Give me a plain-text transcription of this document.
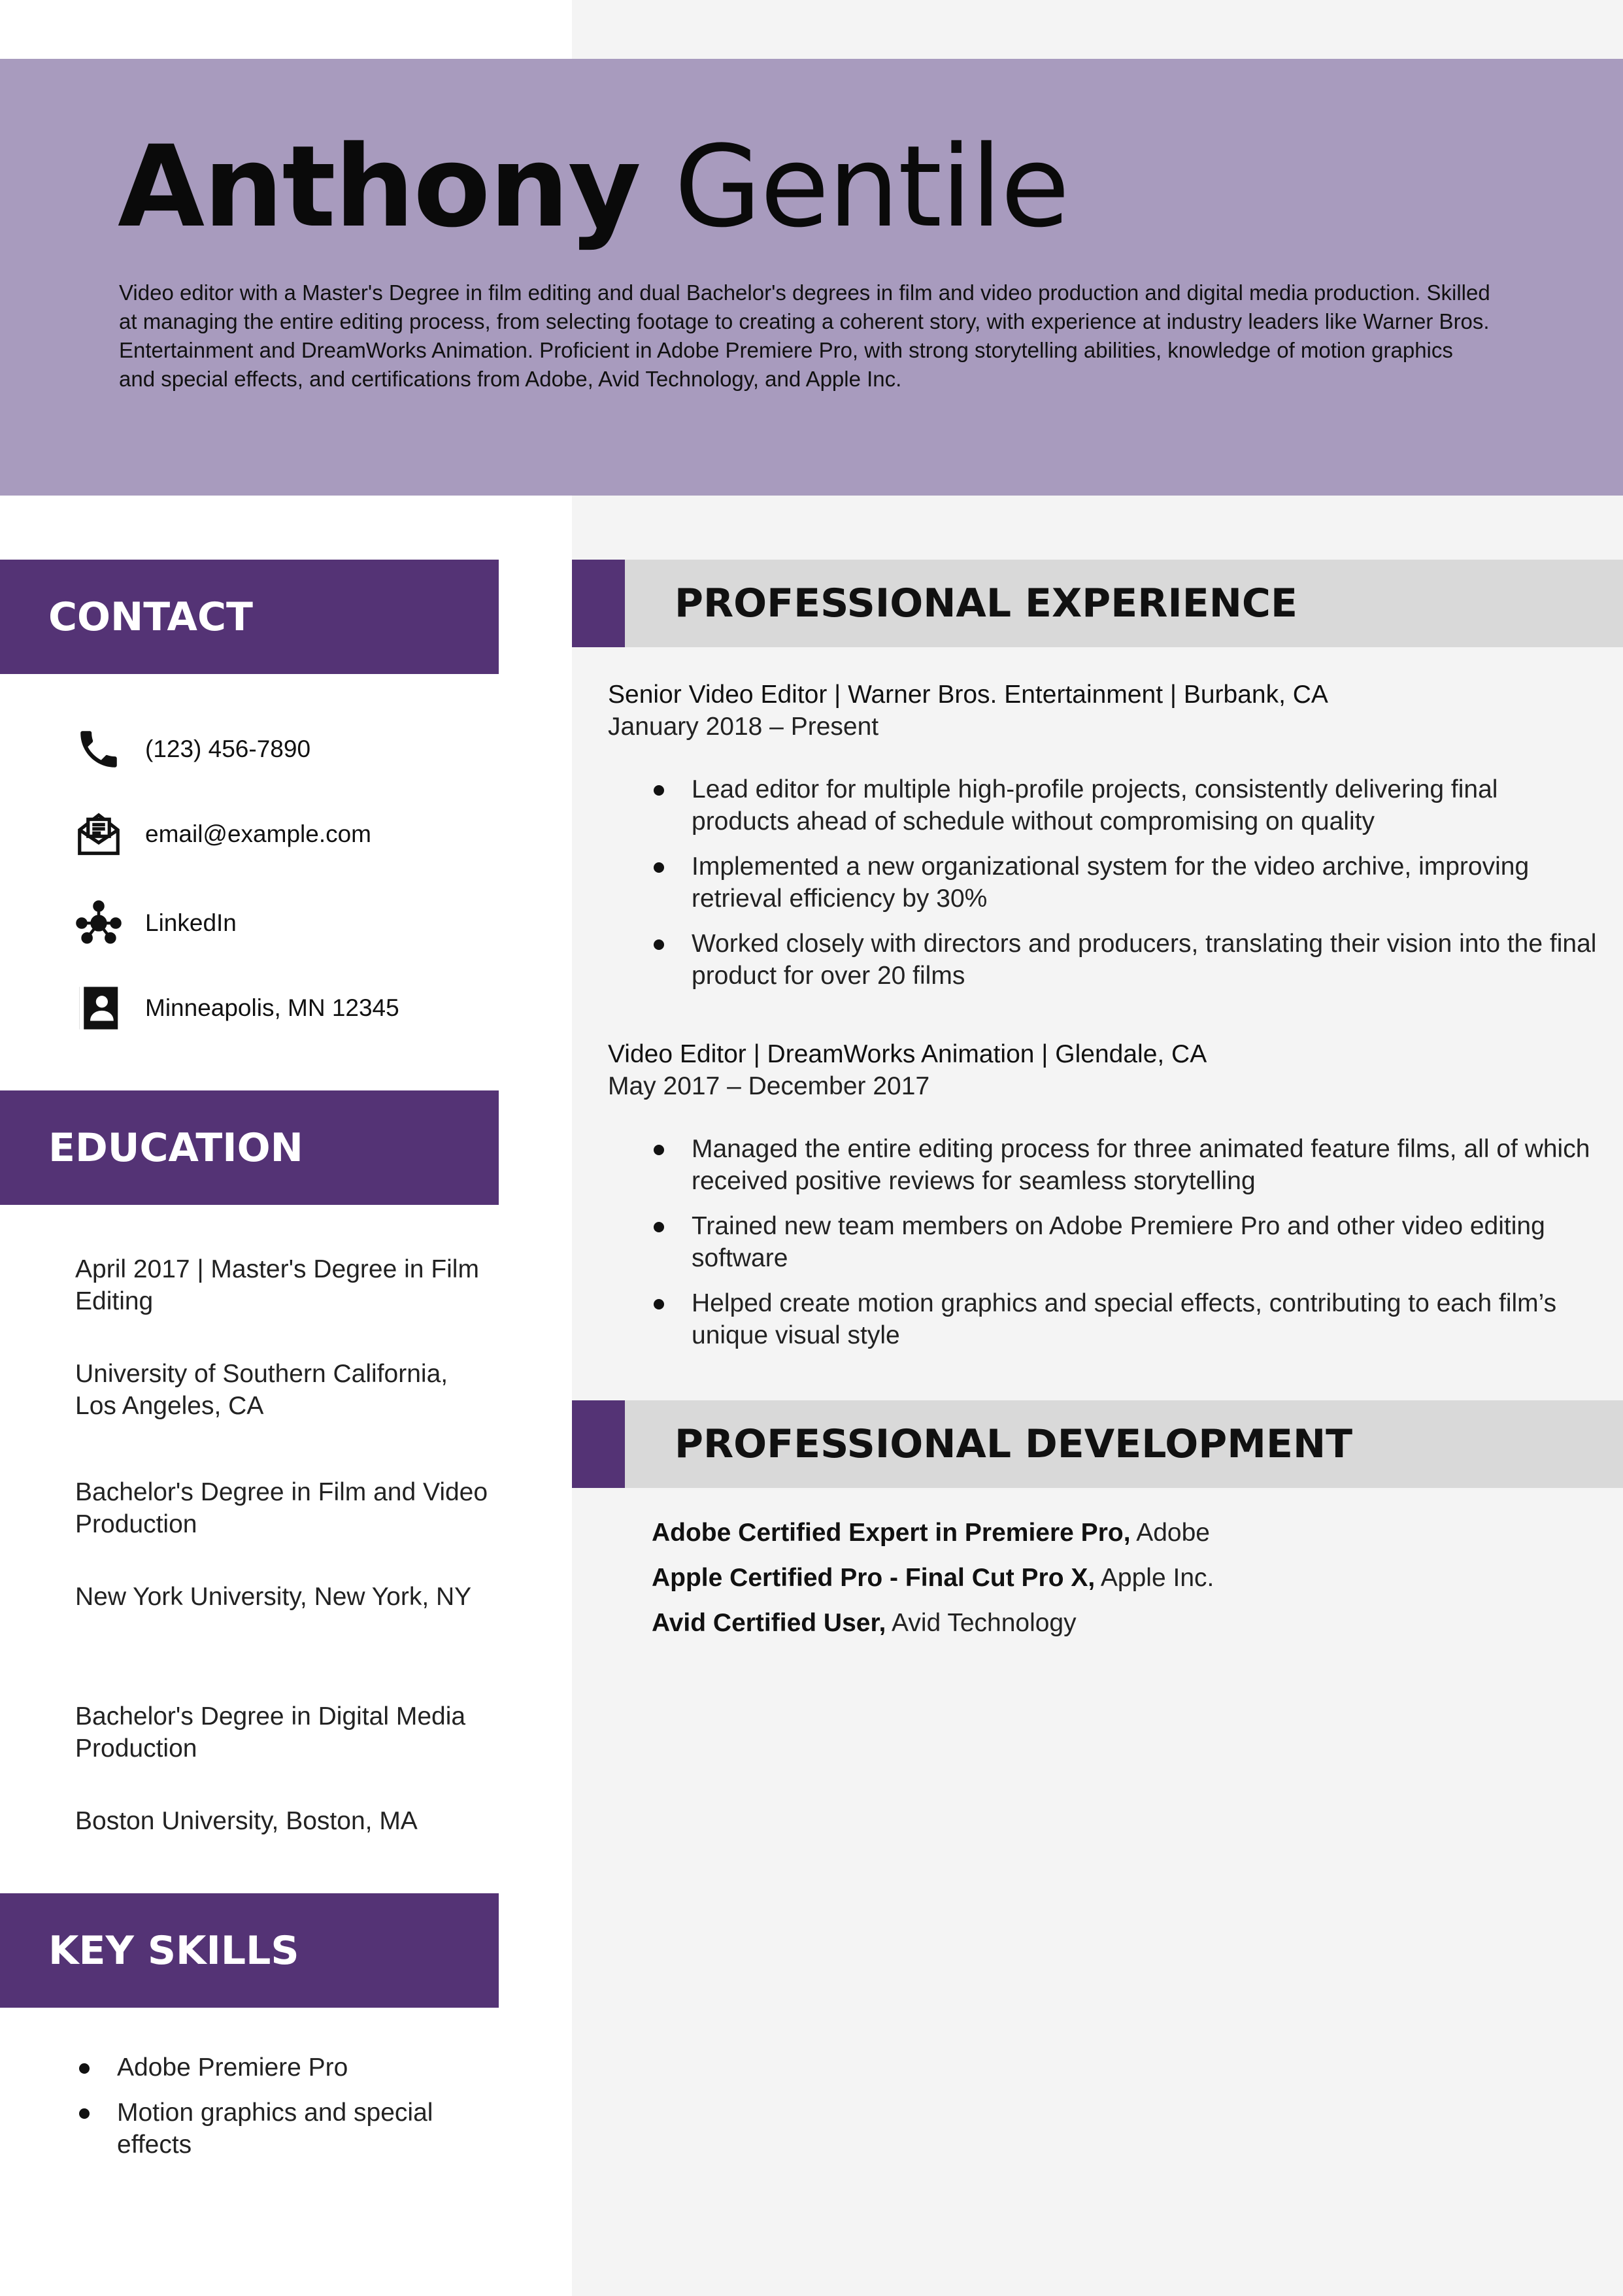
Anthony Gentile

Video editor with a Master's Degree in film editing and dual Bachelor's degrees in film and video production and digital media production. Skilled at managing the entire editing process, from selecting footage to creating a coherent story, with experience at industry leaders like Warner Bros. Entertainment and DreamWorks Animation. Proficient in Adobe Premiere Pro, with strong storytelling abilities, knowledge of motion graphics and special effects, and certifications from Adobe, Avid Technology, and Apple Inc.

CONTACT
(123) 456-7890
email@example.com
LinkedIn
Minneapolis, MN 12345
EDUCATION
April 2017 | Master's Degree in Film Editing
University of Southern California, Los Angeles, CA
Bachelor's Degree in Film and Video Production
New York University, New York, NY
Bachelor's Degree in Digital Media Production
Boston University, Boston, MA
KEY SKILLS
Adobe Premiere Pro
Motion graphics and special effects
PROFESSIONAL EXPERIENCE
Senior Video Editor | Warner Bros. Entertainment | Burbank, CA
January 2018 – Present
Lead editor for multiple high-profile projects, consistently delivering final products ahead of schedule without compromising on quality
Implemented a new organizational system for the video archive, improving retrieval efficiency by 30%
Worked closely with directors and producers, translating their vision into the final product for over 20 films
Video Editor | DreamWorks Animation | Glendale, CA
May 2017 – December 2017
Managed the entire editing process for three animated feature films, all of which received positive reviews for seamless storytelling
Trained new team members on Adobe Premiere Pro and other video editing software
Helped create motion graphics and special effects, contributing to each film’s unique visual style
PROFESSIONAL DEVELOPMENT
Adobe Certified Expert in Premiere Pro, Adobe
Apple Certified Pro - Final Cut Pro X, Apple Inc.
Avid Certified User, Avid Technology
